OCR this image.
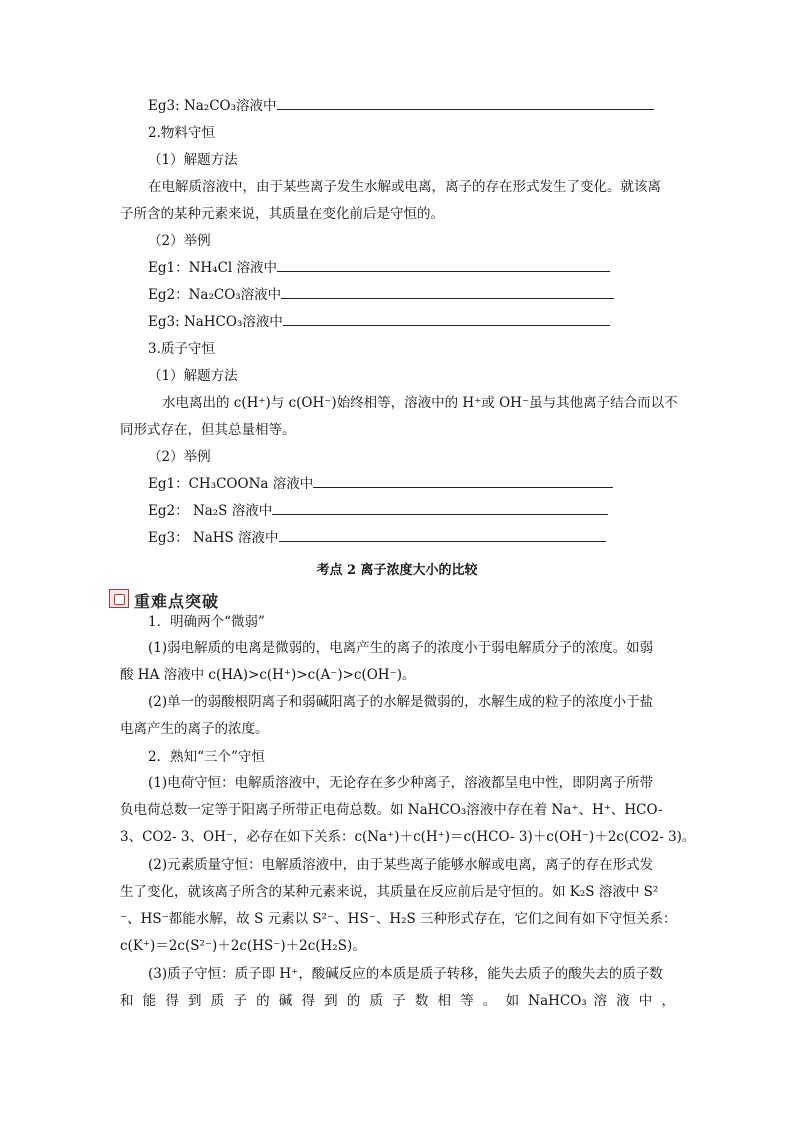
Eg3: Na₂CO₃溶液中
2.物料守恒
（1）解题方法
在电解质溶液中，由于某些离子发生水解或电离，离子的存在形式发生了变化。就该离
子所含的某种元素来说，其质量在变化前后是守恒的。
（2）举例
Eg1：NH₄Cl 溶液中
Eg2：Na₂CO₃溶液中
Eg3: NaHCO₃溶液中
3.质子守恒
（1）解题方法
水电离出的 c(H⁺)与 c(OH⁻)始终相等，溶液中的 H⁺或 OH⁻虽与其他离子结合而以不
同形式存在，但其总量相等。
（2）举例
Eg1：CH₃COONa 溶液中
Eg2： Na₂S 溶液中
Eg3： NaHS 溶液中
考点 2 离子浓度大小的比较
重难点突破
1．明确两个“微弱”
(1)弱电解质的电离是微弱的，电离产生的离子的浓度小于弱电解质分子的浓度。如弱
酸 HA 溶液中 c(HA)>c(H⁺)>c(A⁻)>c(OH⁻)。
(2)单一的弱酸根阴离子和弱碱阳离子的水解是微弱的，水解生成的粒子的浓度小于盐
电离产生的离子的浓度。
2．熟知“三个”守恒
(1)电荷守恒：电解质溶液中，无论存在多少种离子，溶液都呈电中性，即阴离子所带
负电荷总数一定等于阳离子所带正电荷总数。如 NaHCO₃溶液中存在着 Na⁺、H⁺、HCO-
3、CO2- 3、OH⁻，必存在如下关系：c(Na⁺)＋c(H⁺)＝c(HCO- 3)＋c(OH⁻)＋2c(CO2- 3)。
(2)元素质量守恒：电解质溶液中，由于某些离子能够水解或电离，离子的存在形式发
生了变化，就该离子所含的某种元素来说，其质量在反应前后是守恒的。如 K₂S 溶液中 S²
⁻、HS⁻都能水解，故 S 元素以 S²⁻、HS⁻、H₂S 三种形式存在，它们之间有如下守恒关系：
c(K⁺)＝2c(S²⁻)＋2c(HS⁻)＋2c(H₂S)。
(3)质子守恒：质子即 H⁺，酸碱反应的本质是质子转移，能失去质子的酸失去的质子数
和 能 得 到 质 子 的 碱 得 到 的 质 子 数 相 等 。 如 NaHCO₃ 溶 液 中 ，
